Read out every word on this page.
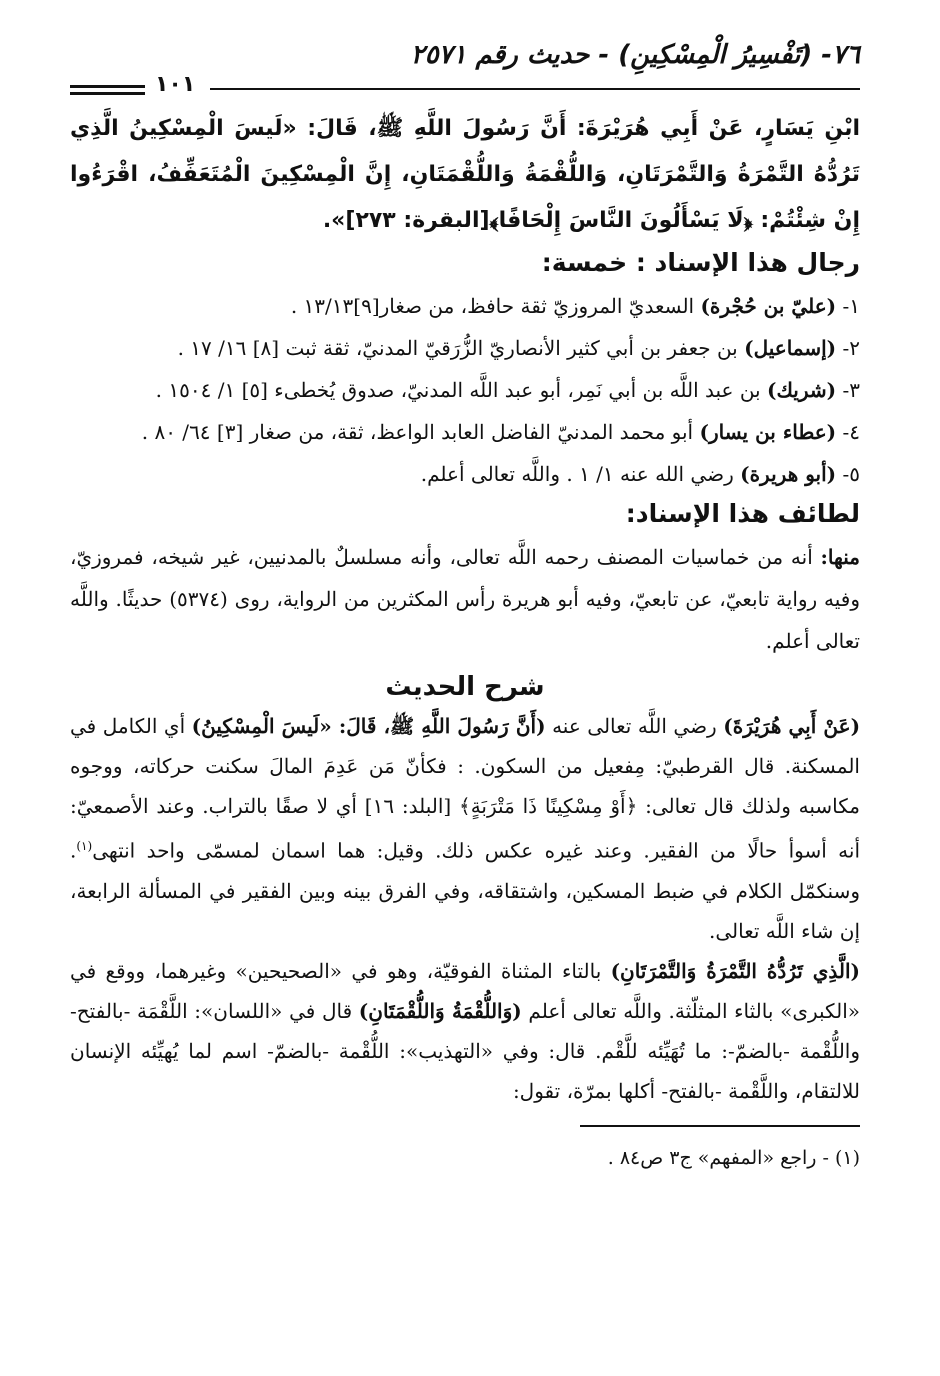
٧٦- (تَفْسِيرُ الْمِسْكِينِ) - حديث رقم ٢٥٧١
١٠١
ابْنِ يَسَارٍ، عَنْ أَبِي هُرَيْرَةَ: أَنَّ رَسُولَ اللَّهِ ﷺ، قَالَ: «لَيسَ الْمِسْكِينُ الَّذِي تَرُدُّهُ التَّمْرَةُ وَالتَّمْرَتَانِ، وَاللُّقْمَةُ وَاللُّقْمَتَانِ، إِنَّ الْمِسْكِينَ الْمُتَعَفِّفُ، اقْرَءُوا إِنْ شِئْتُمْ: ﴿لَا يَسْأَلُونَ النَّاسَ إِلْحَافًا﴾[البقرة: ٢٧٣]».
رجال هذا الإسناد : خمسة:
١- (عليّ بن حُجْرة) السعديّ المروزيّ ثقة حافظ، من صغار[٩]١٣/١٣ .
٢- (إسماعيل) بن جعفر بن أبي كثير الأنصاريّ الزُّرَقيّ المدنيّ، ثقة ثبت [٨] ١٦/ ١٧ .
٣- (شريك) بن عبد اللَّه بن أبي نَمِر، أبو عبد اللَّه المدنيّ، صدوق يُخطىء [٥] ١/ ١٥٠٤ .
٤- (عطاء بن يسار) أبو محمد المدنيّ الفاضل العابد الواعظ، ثقة، من صغار [٣] ٦٤/ ٨٠ .
٥- (أبو هريرة) رضي الله عنه ١/ ١ . واللَّه تعالى أعلم.
لطائف هذا الإسناد:
منها: أنه من خماسيات المصنف رحمه اللَّه تعالى، وأنه مسلسلٌ بالمدنيين، غير شيخه، فمروزيّ، وفيه رواية تابعيّ، عن تابعيّ، وفيه أبو هريرة رأس المكثرين من الرواية، روى (٥٣٧٤) حديثًا. واللَّه تعالى أعلم.
شرح الحديث

(عَنْ أَبِي هُرَيْرَةَ) رضي اللَّه تعالى عنه (أَنَّ رَسُولَ اللَّهِ ﷺ، قَالَ: «لَيسَ الْمِسْكِينُ) أي الكامل في المسكنة. قال القرطبيّ: مِفعيل من السكون. : فكأنّ مَن عَدِمَ المالَ سكنت حركاته، ووجوه مكاسبه ولذلك قال تعالى: ﴿أَوْ مِسْكِينًا ذَا مَتْرَبَةٍ﴾ [البلد: ١٦] أي لا صقًا بالتراب. وعند الأصمعيّ: أنه أسوأ حالًا من الفقير. وعند غيره عكس ذلك. وقيل: هما اسمان لمسمّى واحد انتهى$^{(١)}$. وسنكمّل الكلام في ضبط المسكين، واشتقاقه، وفي الفرق بينه وبين الفقير في المسألة الرابعة، إن شاء اللَّه تعالى.

(الَّذِي تَرُدُّهُ التَّمْرَةُ وَالتَّمْرَتَانِ) بالتاء المثناة الفوقيّة، وهو في «الصحيحين» وغيرهما، ووقع في «الكبرى» بالثاء المثلّثة. واللَّه تعالى أعلم (وَاللُّقْمَةُ وَاللُّقْمَتَانِ) قال في «اللسان»: اللَّقْمَة -بالفتح- واللُّقْمة -بالضمّ-: ما تُهَيِّئه للَّقْم. قال: وفي «التهذيب»: اللُّقْمة -بالضمّ- اسم لما يُهيِّئه الإنسان للالتقام، واللَّقْمة -بالفتح- أكلها بمرّة، تقول:

(١) - راجع «المفهم» ج٣ ص٨٤ .
